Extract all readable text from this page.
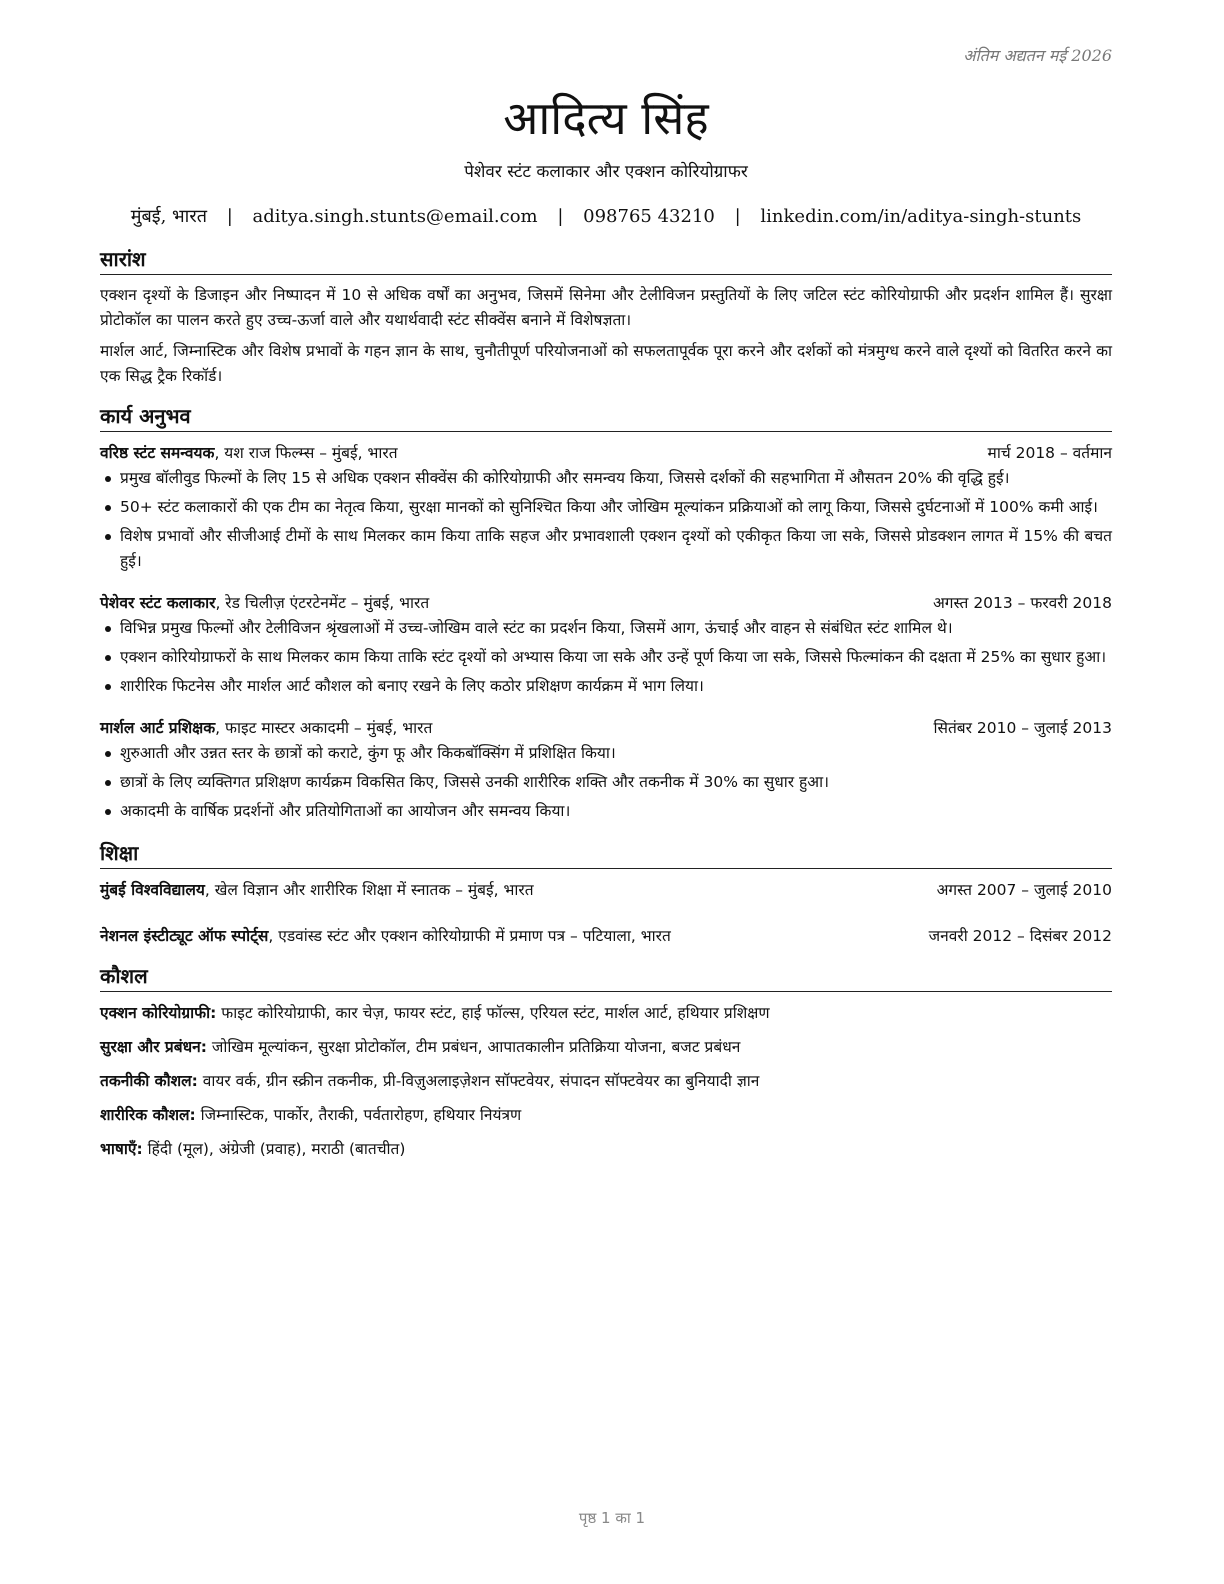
अंतिम अद्यतन मई 2026
आदित्य सिंह
पेशेवर स्टंट कलाकार और एक्शन कोरियोग्राफर
मुंबई, भारत | aditya.singh.stunts@email.com | 098765 43210 | linkedin.com/in/aditya-singh-stunts
सारांश

एक्शन दृश्यों के डिजाइन और निष्पादन में 10 से अधिक वर्षों का अनुभव, जिसमें सिनेमा और टेलीविजन प्रस्तुतियों के लिए जटिल स्टंट कोरियोग्राफी और प्रदर्शन शामिल हैं। सुरक्षा प्रोटोकॉल का पालन करते हुए उच्च-ऊर्जा वाले और यथार्थवादी स्टंट सीक्वेंस बनाने में विशेषज्ञता।

मार्शल आर्ट, जिम्नास्टिक और विशेष प्रभावों के गहन ज्ञान के साथ, चुनौतीपूर्ण परियोजनाओं को सफलतापूर्वक पूरा करने और दर्शकों को मंत्रमुग्ध करने वाले दृश्यों को वितरित करने का एक सिद्ध ट्रैक रिकॉर्ड।

कार्य अनुभव
वरिष्ठ स्टंट समन्वयक, यश राज फिल्म्स – मुंबई, भारत	मार्च 2018 – वर्तमान
प्रमुख बॉलीवुड फिल्मों के लिए 15 से अधिक एक्शन सीक्वेंस की कोरियोग्राफी और समन्वय किया, जिससे दर्शकों की सहभागिता में औसतन 20% की वृद्धि हुई।
50+ स्टंट कलाकारों की एक टीम का नेतृत्व किया, सुरक्षा मानकों को सुनिश्चित किया और जोखिम मूल्यांकन प्रक्रियाओं को लागू किया, जिससे दुर्घटनाओं में 100% कमी आई।
विशेष प्रभावों और सीजीआई टीमों के साथ मिलकर काम किया ताकि सहज और प्रभावशाली एक्शन दृश्यों को एकीकृत किया जा सके, जिससे प्रोडक्शन लागत में 15% की बचत हुई।
पेशेवर स्टंट कलाकार, रेड चिलीज़ एंटरटेनमेंट – मुंबई, भारत	अगस्त 2013 – फरवरी 2018
विभिन्न प्रमुख फिल्मों और टेलीविजन श्रृंखलाओं में उच्च-जोखिम वाले स्टंट का प्रदर्शन किया, जिसमें आग, ऊंचाई और वाहन से संबंधित स्टंट शामिल थे।
एक्शन कोरियोग्राफरों के साथ मिलकर काम किया ताकि स्टंट दृश्यों को अभ्यास किया जा सके और उन्हें पूर्ण किया जा सके, जिससे फिल्मांकन की दक्षता में 25% का सुधार हुआ।
शारीरिक फिटनेस और मार्शल आर्ट कौशल को बनाए रखने के लिए कठोर प्रशिक्षण कार्यक्रम में भाग लिया।
मार्शल आर्ट प्रशिक्षक, फाइट मास्टर अकादमी – मुंबई, भारत	सितंबर 2010 – जुलाई 2013
शुरुआती और उन्नत स्तर के छात्रों को कराटे, कुंग फू और किकबॉक्सिंग में प्रशिक्षित किया।
छात्रों के लिए व्यक्तिगत प्रशिक्षण कार्यक्रम विकसित किए, जिससे उनकी शारीरिक शक्ति और तकनीक में 30% का सुधार हुआ।
अकादमी के वार्षिक प्रदर्शनों और प्रतियोगिताओं का आयोजन और समन्वय किया।
शिक्षा
मुंबई विश्वविद्यालय, खेल विज्ञान और शारीरिक शिक्षा में स्नातक – मुंबई, भारत	अगस्त 2007 – जुलाई 2010
नेशनल इंस्टीट्यूट ऑफ स्पोर्ट्स, एडवांस्ड स्टंट और एक्शन कोरियोग्राफी में प्रमाण पत्र – पटियाला, भारत	जनवरी 2012 – दिसंबर 2012
कौशल
एक्शन कोरियोग्राफी: फाइट कोरियोग्राफी, कार चेज़, फायर स्टंट, हाई फॉल्स, एरियल स्टंट, मार्शल आर्ट, हथियार प्रशिक्षण
सुरक्षा और प्रबंधन: जोखिम मूल्यांकन, सुरक्षा प्रोटोकॉल, टीम प्रबंधन, आपातकालीन प्रतिक्रिया योजना, बजट प्रबंधन
तकनीकी कौशल: वायर वर्क, ग्रीन स्क्रीन तकनीक, प्री-विज़ुअलाइज़ेशन सॉफ्टवेयर, संपादन सॉफ्टवेयर का बुनियादी ज्ञान
शारीरिक कौशल: जिम्नास्टिक, पार्कोर, तैराकी, पर्वतारोहण, हथियार नियंत्रण
भाषाएँ: हिंदी (मूल), अंग्रेजी (प्रवाह), मराठी (बातचीत)
पृष्ठ 1 का 1
